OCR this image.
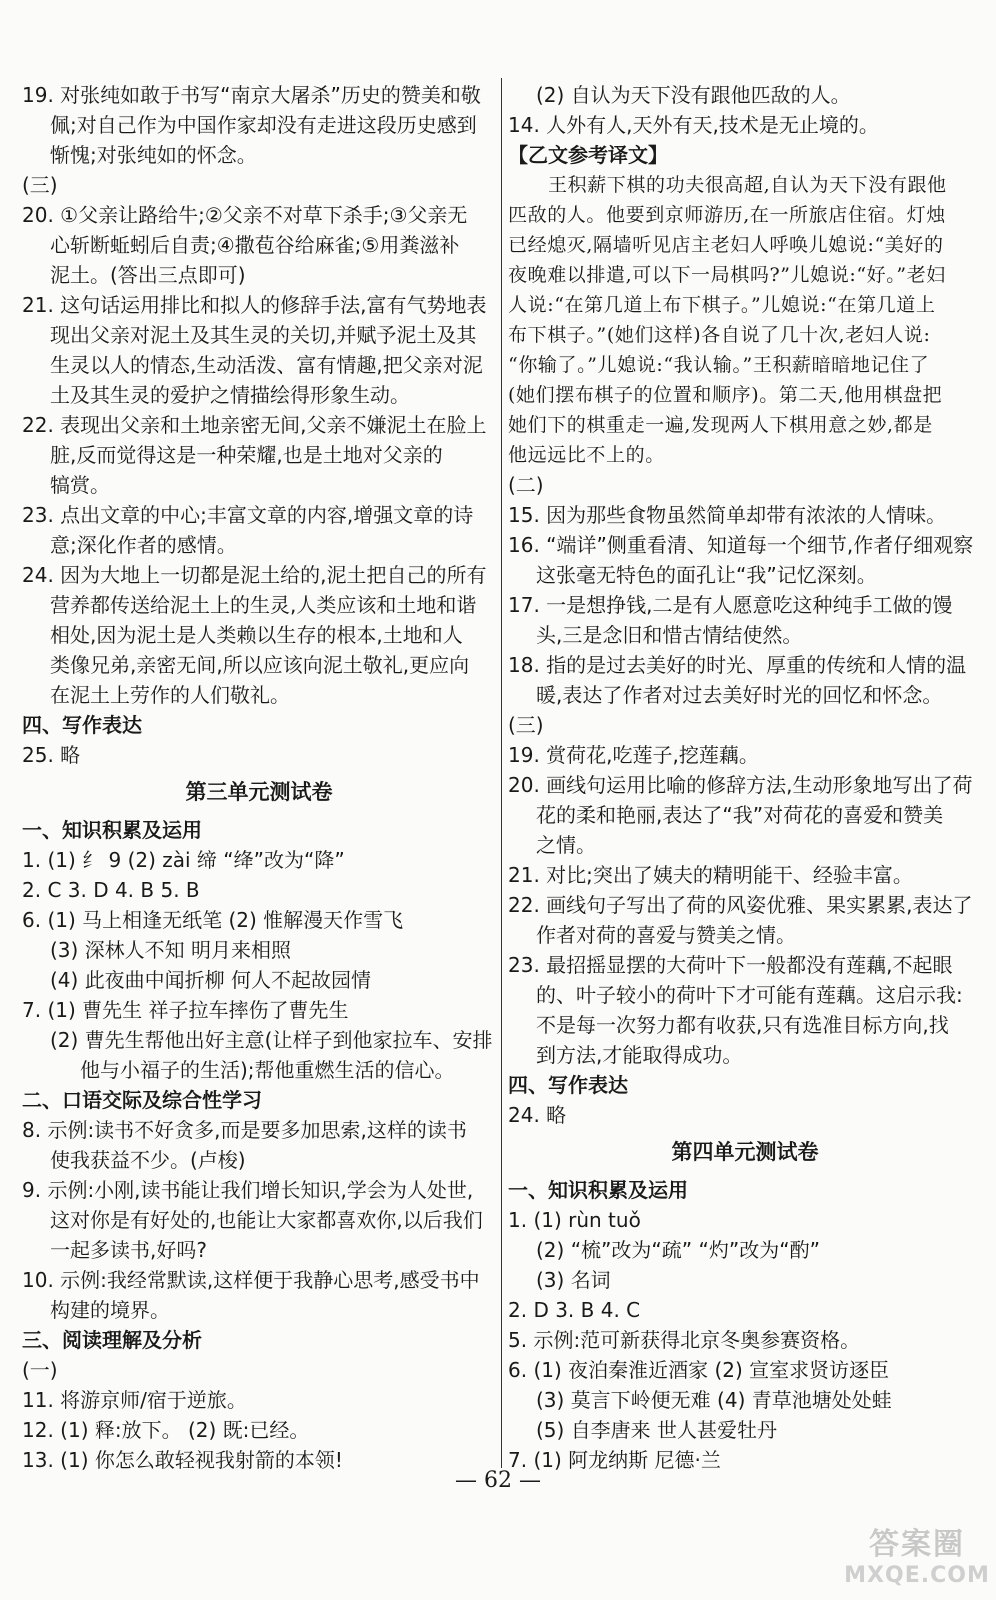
19. 对张纯如敢于书写“南京大屠杀”历史的赞美和敬
佩;对自己作为中国作家却没有走进这段历史感到
惭愧;对张纯如的怀念。
(三)
20. ①父亲让路给牛;②父亲不对草下杀手;③父亲无
心斩断蚯蚓后自责;④撒苞谷给麻雀;⑤用粪滋补
泥土。(答出三点即可)
21. 这句话运用排比和拟人的修辞手法,富有气势地表
现出父亲对泥土及其生灵的关切,并赋予泥土及其
生灵以人的情态,生动活泼、富有情趣,把父亲对泥
土及其生灵的爱护之情描绘得形象生动。
22. 表现出父亲和土地亲密无间,父亲不嫌泥土在脸上
脏,反而觉得这是一种荣耀,也是土地对父亲的
犒赏。
23. 点出文章的中心;丰富文章的内容,增强文章的诗
意;深化作者的感情。
24. 因为大地上一切都是泥土给的,泥土把自己的所有
营养都传送给泥土上的生灵,人类应该和土地和谐
相处,因为泥土是人类赖以生存的根本,土地和人
类像兄弟,亲密无间,所以应该向泥土敬礼,更应向
在泥土上劳作的人们敬礼。
四、写作表达
25. 略
第三单元测试卷
一、知识积累及运用
1. (1) 纟 9 (2) zài 缔 “绛”改为“降”
2. C 3. D 4. B 5. B
6. (1) 马上相逢无纸笔 (2) 惟解漫天作雪飞
(3) 深林人不知 明月来相照
(4) 此夜曲中闻折柳 何人不起故园情
7. (1) 曹先生 祥子拉车摔伤了曹先生
(2) 曹先生帮他出好主意(让样子到他家拉车、安排
他与小福子的生活);帮他重燃生活的信心。
二、口语交际及综合性学习
8. 示例:读书不好贪多,而是要多加思索,这样的读书
使我获益不少。(卢梭)
9. 示例:小刚,读书能让我们增长知识,学会为人处世,
这对你是有好处的,也能让大家都喜欢你,以后我们
一起多读书,好吗?
10. 示例:我经常默读,这样便于我静心思考,感受书中
构建的境界。
三、阅读理解及分析
(一)
11. 将游京师/宿于逆旅。
12. (1) 释:放下。 (2) 既:已经。
13. (1) 你怎么敢轻视我射箭的本领!
(2) 自认为天下没有跟他匹敌的人。
14. 人外有人,天外有天,技术是无止境的。
【乙文参考译文】
王积薪下棋的功夫很高超,自认为天下没有跟他
匹敌的人。他要到京师游历,在一所旅店住宿。灯烛
已经熄灭,隔墙听见店主老妇人呼唤儿媳说:“美好的
夜晚难以排遣,可以下一局棋吗?”儿媳说:“好。”老妇
人说:“在第几道上布下棋子。”儿媳说:“在第几道上
布下棋子。”(她们这样)各自说了几十次,老妇人说:
“你输了。”儿媳说:“我认输。”王积薪暗暗地记住了
(她们摆布棋子的位置和顺序)。第二天,他用棋盘把
她们下的棋重走一遍,发现两人下棋用意之妙,都是
他远远比不上的。
(二)
15. 因为那些食物虽然简单却带有浓浓的人情味。
16. “端详”侧重看清、知道每一个细节,作者仔细观察
这张毫无特色的面孔让“我”记忆深刻。
17. 一是想挣钱,二是有人愿意吃这种纯手工做的馒
头,三是念旧和惜古情结使然。
18. 指的是过去美好的时光、厚重的传统和人情的温
暖,表达了作者对过去美好时光的回忆和怀念。
(三)
19. 赏荷花,吃莲子,挖莲藕。
20. 画线句运用比喻的修辞方法,生动形象地写出了荷
花的柔和艳丽,表达了“我”对荷花的喜爱和赞美
之情。
21. 对比;突出了姨夫的精明能干、经验丰富。
22. 画线句子写出了荷的风姿优雅、果实累累,表达了
作者对荷的喜爱与赞美之情。
23. 最招摇显摆的大荷叶下一般都没有莲藕,不起眼
的、叶子较小的荷叶下才可能有莲藕。这启示我:
不是每一次努力都有收获,只有选准目标方向,找
到方法,才能取得成功。
四、写作表达
24. 略
第四单元测试卷
一、知识积累及运用
1. (1) rùn tuǒ
(2) “梳”改为“疏” “灼”改为“酌”
(3) 名词
2. D 3. B 4. C
5. 示例:范可新获得北京冬奥参赛资格。
6. (1) 夜泊秦淮近酒家 (2) 宣室求贤访逐臣
(3) 莫言下岭便无难 (4) 青草池塘处处蛙
(5) 自李唐来 世人甚爱牡丹
7. (1) 阿龙纳斯 尼德·兰
— 62 —
答案圈
MXQE.COM
